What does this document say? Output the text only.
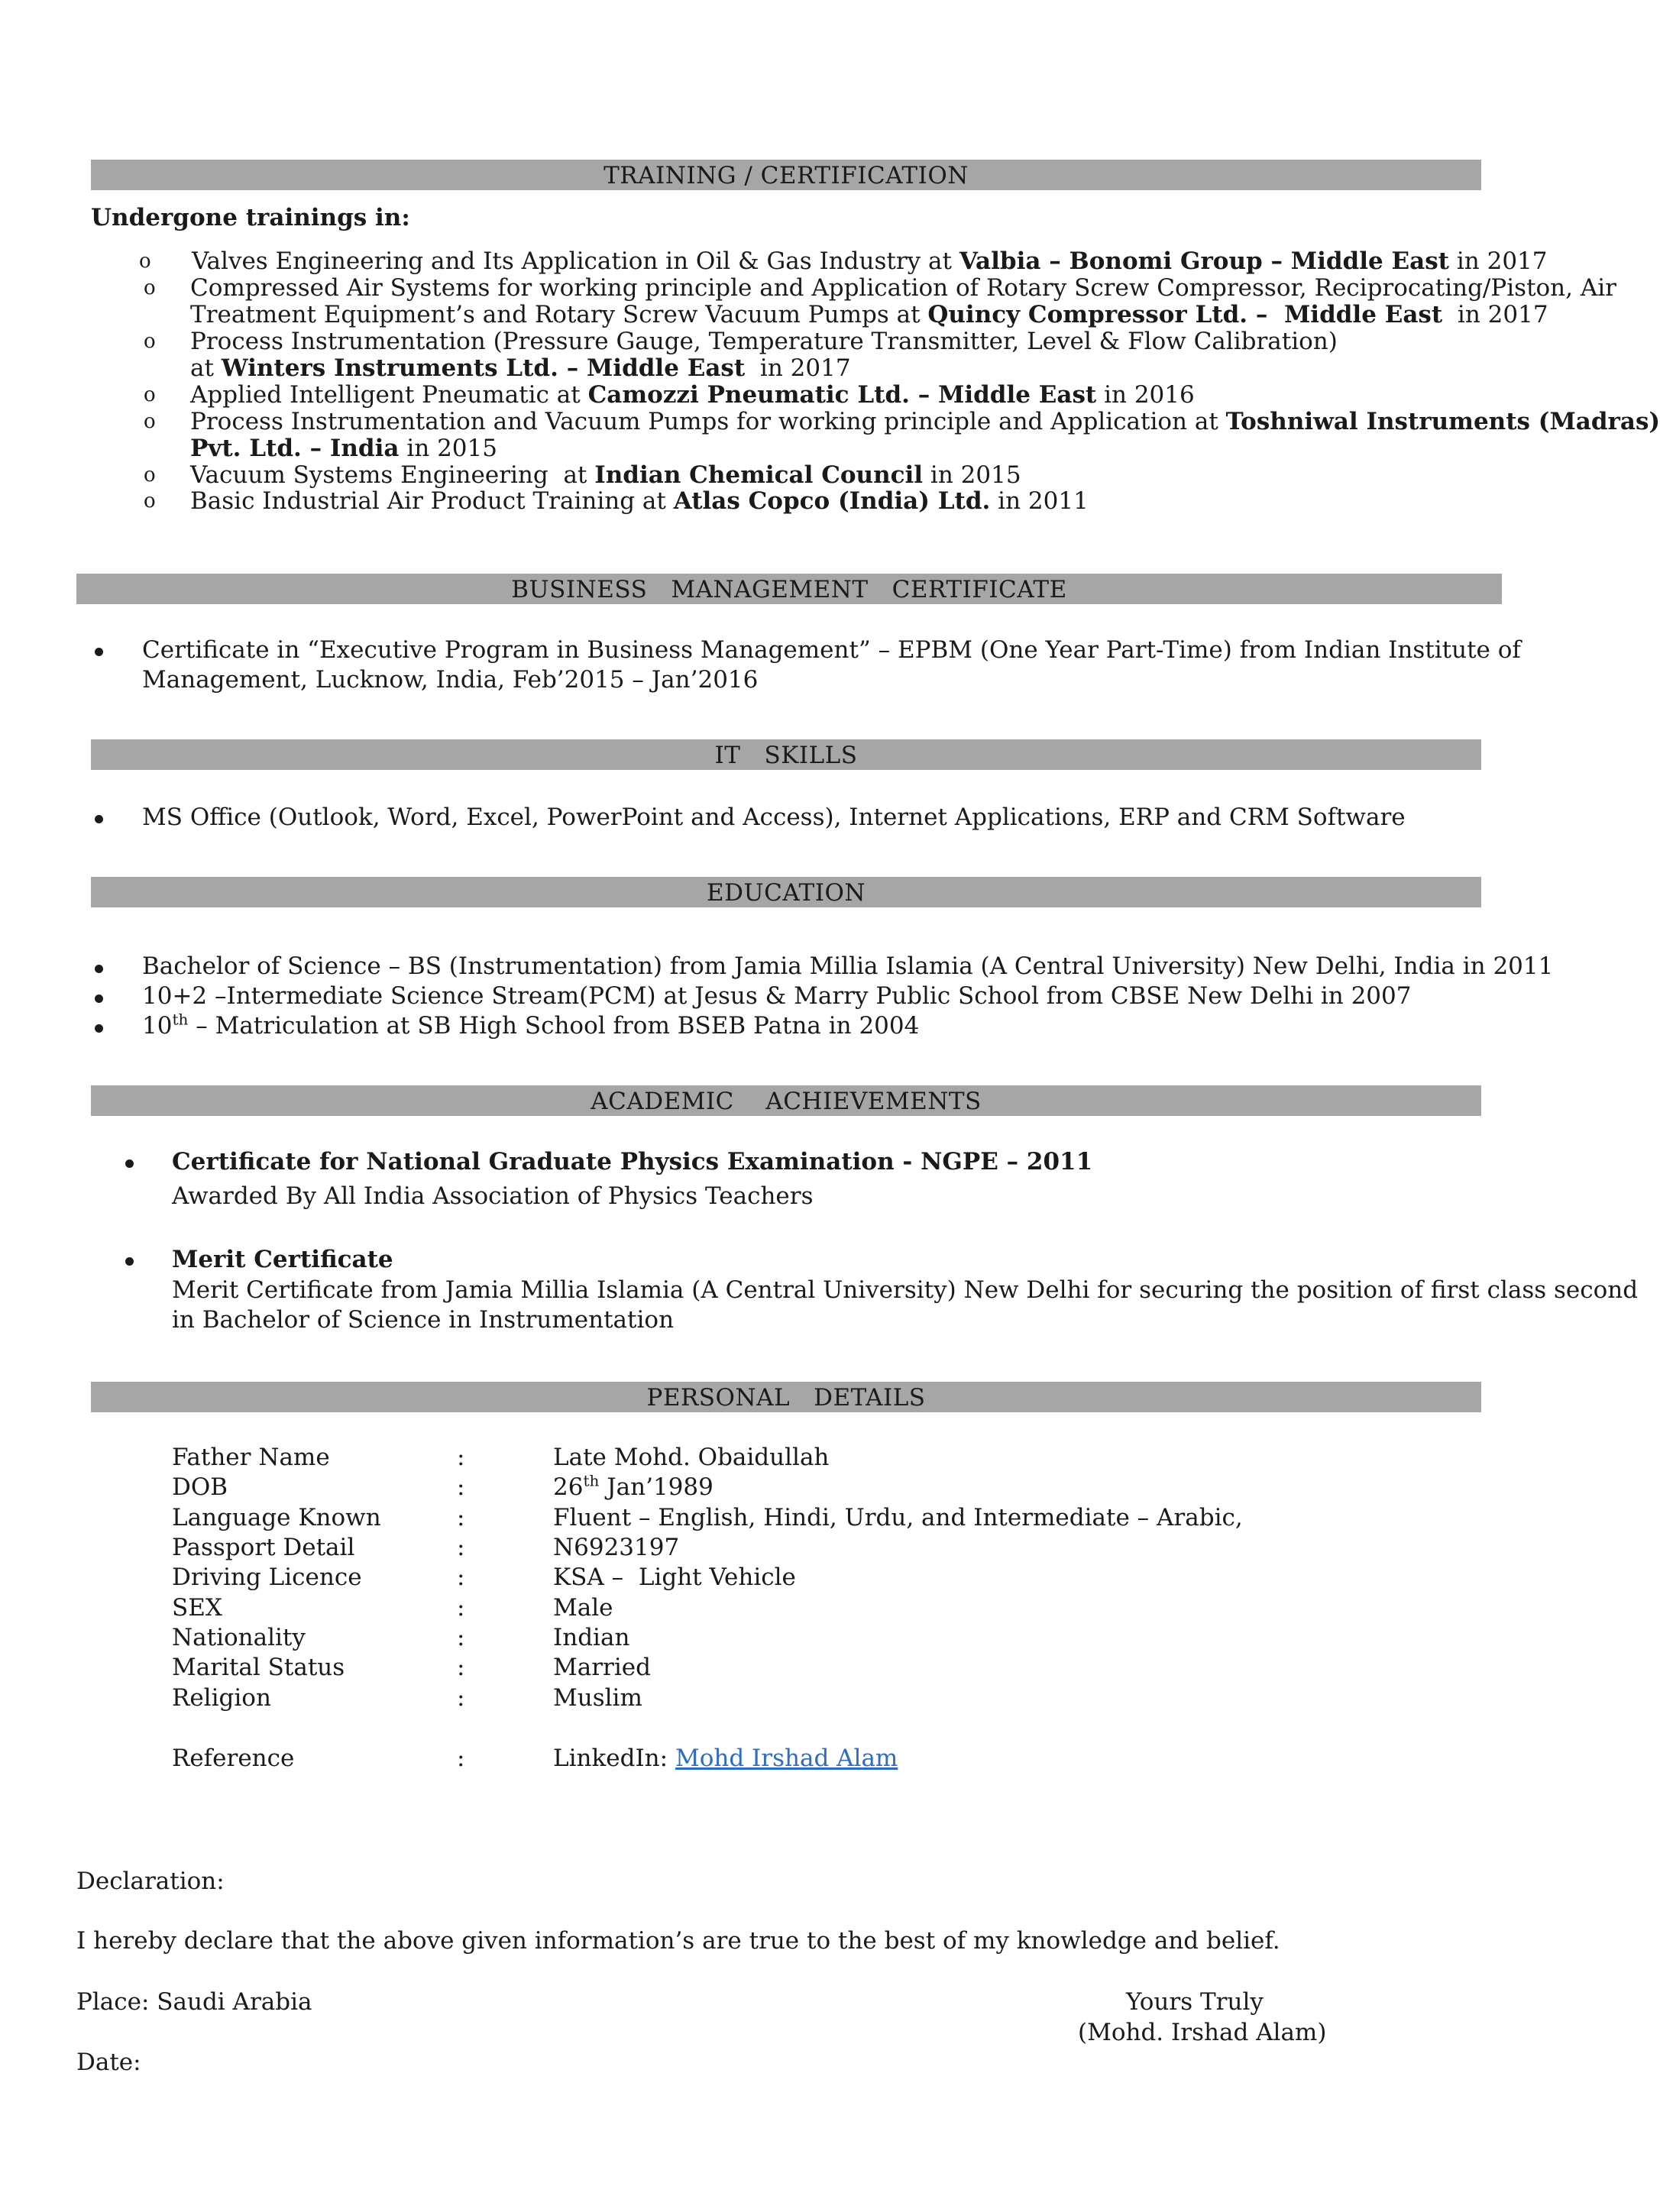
TRAINING / CERTIFICATION
Undergone trainings in:
o Valves Engineering and Its Application in Oil & Gas Industry at Valbia – Bonomi Group – Middle East in 2017
o Compressed Air Systems for working principle and Application of Rotary Screw Compressor, Reciprocating/Piston, Air
Treatment Equipment’s and Rotary Screw Vacuum Pumps at Quincy Compressor Ltd. –  Middle East  in 2017
o Process Instrumentation (Pressure Gauge, Temperature Transmitter, Level & Flow Calibration)
at Winters Instruments Ltd. – Middle East  in 2017
o Applied Intelligent Pneumatic at Camozzi Pneumatic Ltd. – Middle East in 2016
o Process Instrumentation and Vacuum Pumps for working principle and Application at Toshniwal Instruments (Madras)
Pvt. Ltd. – India in 2015
o Vacuum Systems Engineering  at Indian Chemical Council in 2015
o Basic Industrial Air Product Training at Atlas Copco (India) Ltd. in 2011
BUSINESS   MANAGEMENT   CERTIFICATE
Certificate in “Executive Program in Business Management” – EPBM (One Year Part-Time) from Indian Institute of
Management, Lucknow, India, Feb’2015 – Jan’2016
IT   SKILLS
MS Office (Outlook, Word, Excel, PowerPoint and Access), Internet Applications, ERP and CRM Software
EDUCATION
Bachelor of Science – BS (Instrumentation) from Jamia Millia Islamia (A Central University) New Delhi, India in 2011
10+2 –Intermediate Science Stream(PCM) at Jesus & Marry Public School from CBSE New Delhi in 2007
10th – Matriculation at SB High School from BSEB Patna in 2004
ACADEMIC    ACHIEVEMENTS
Certificate for National Graduate Physics Examination - NGPE – 2011
Awarded By All India Association of Physics Teachers
Merit Certificate
Merit Certificate from Jamia Millia Islamia (A Central University) New Delhi for securing the position of first class second
in Bachelor of Science in Instrumentation
PERSONAL   DETAILS
Father Name	:	Late Mohd. Obaidullah
DOB	:	26th Jan’1989
Language Known	:	Fluent – English, Hindi, Urdu, and Intermediate – Arabic,
Passport Detail	:	N6923197
Driving Licence	:	KSA –  Light Vehicle
SEX	:	Male
Nationality	:	Indian
Marital Status	:	Married
Religion	:	Muslim
Reference	:	LinkedIn: Mohd Irshad Alam
Declaration:
I hereby declare that the above given information’s are true to the best of my knowledge and belief.
Place: Saudi Arabia	Yours Truly
(Mohd. Irshad Alam)
Date:
